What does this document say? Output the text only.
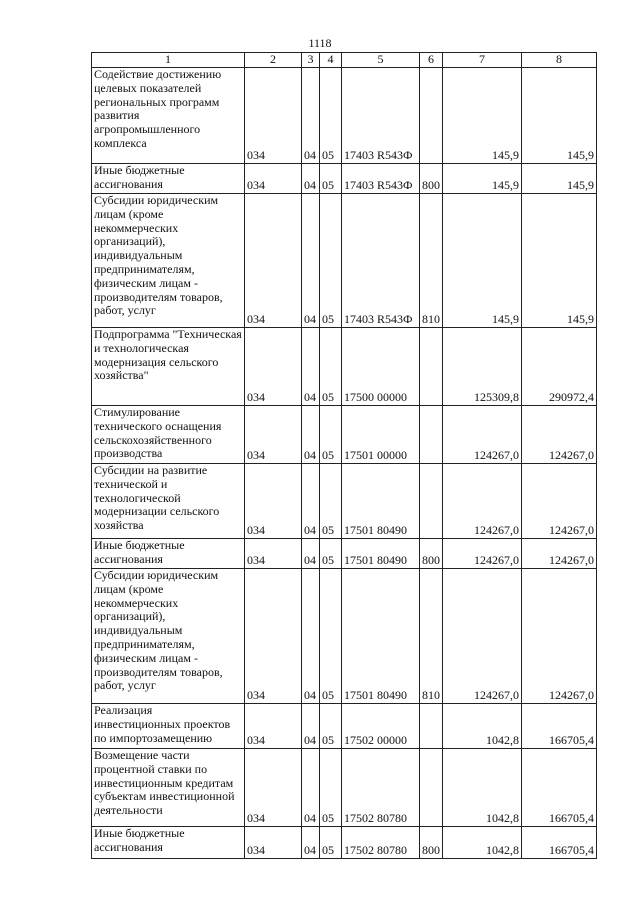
1118
1	2	3	4	5	6	7	8
Содействие достижению целевых показателей региональных программ развития агропромышленного комплекса	034	04	05	17403 R543Ф		145,9	145,9
Иные бюджетные ассигнования	034	04	05	17403 R543Ф	800	145,9	145,9
Субсидии юридическим лицам (кроме некоммерческих организаций), индивидуальным предпринимателям, физическим лицам - производителям товаров, работ, услуг	034	04	05	17403 R543Ф	810	145,9	145,9
Подпрограмма "Техническая и технологическая модернизация сельского хозяйства"	034	04	05	17500 00000		125309,8	290972,4
Стимулирование технического оснащения сельскохозяйственного производства	034	04	05	17501 00000		124267,0	124267,0
Субсидии на развитие технической и технологической модернизации сельского хозяйства	034	04	05	17501 80490		124267,0	124267,0
Иные бюджетные ассигнования	034	04	05	17501 80490	800	124267,0	124267,0
Субсидии юридическим лицам (кроме некоммерческих организаций), индивидуальным предпринимателям, физическим лицам - производителям товаров, работ, услуг	034	04	05	17501 80490	810	124267,0	124267,0
Реализация инвестиционных проектов по импортозамещению	034	04	05	17502 00000		1042,8	166705,4
Возмещение части процентной ставки по инвестиционным кредитам субъектам инвестиционной деятельности	034	04	05	17502 80780		1042,8	166705,4
Иные бюджетные ассигнования	034	04	05	17502 80780	800	1042,8	166705,4
